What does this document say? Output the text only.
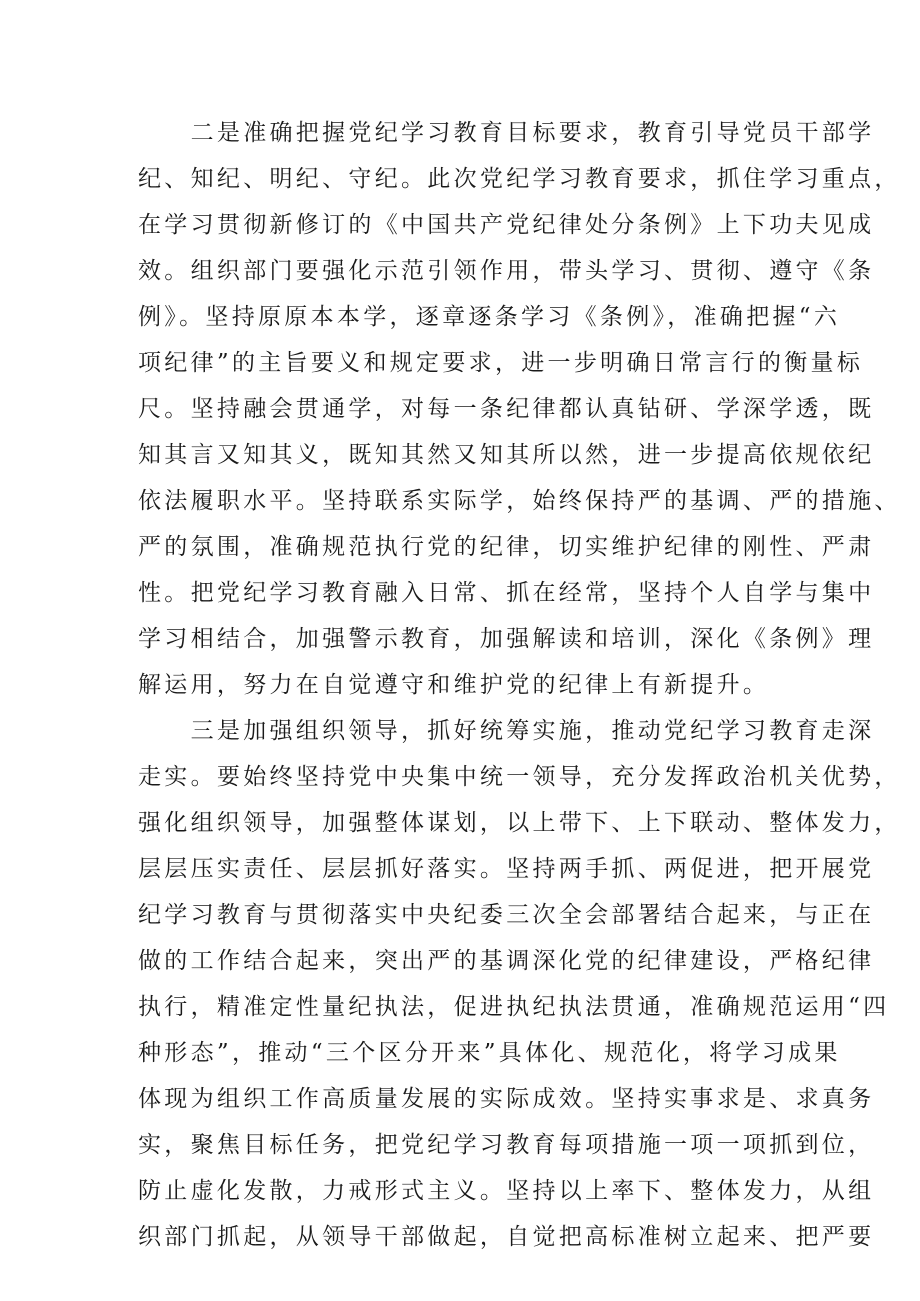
　　二是准确把握党纪学习教育目标要求，教育引导党员干部学
纪、知纪、明纪、守纪。此次党纪学习教育要求，抓住学习重点，
在学习贯彻新修订的《中国共产党纪律处分条例》上下功夫见成
效。组织部门要强化示范引领作用，带头学习、贯彻、遵守《条
例》。坚持原原本本学，逐章逐条学习《条例》，准确把握“六
项纪律”的主旨要义和规定要求，进一步明确日常言行的衡量标
尺。坚持融会贯通学，对每一条纪律都认真钻研、学深学透，既
知其言又知其义，既知其然又知其所以然，进一步提高依规依纪
依法履职水平。坚持联系实际学，始终保持严的基调、严的措施、
严的氛围，准确规范执行党的纪律，切实维护纪律的刚性、严肃
性。把党纪学习教育融入日常、抓在经常，坚持个人自学与集中
学习相结合，加强警示教育，加强解读和培训，深化《条例》理
解运用，努力在自觉遵守和维护党的纪律上有新提升。
　　三是加强组织领导，抓好统筹实施，推动党纪学习教育走深
走实。要始终坚持党中央集中统一领导，充分发挥政治机关优势，
强化组织领导，加强整体谋划，以上带下、上下联动、整体发力，
层层压实责任、层层抓好落实。坚持两手抓、两促进，把开展党
纪学习教育与贯彻落实中央纪委三次全会部署结合起来，与正在
做的工作结合起来，突出严的基调深化党的纪律建设，严格纪律
执行，精准定性量纪执法，促进执纪执法贯通，准确规范运用“四
种形态”，推动“三个区分开来”具体化、规范化，将学习成果
体现为组织工作高质量发展的实际成效。坚持实事求是、求真务
实，聚焦目标任务，把党纪学习教育每项措施一项一项抓到位，
防止虚化发散，力戒形式主义。坚持以上率下、整体发力，从组
织部门抓起，从领导干部做起，自觉把高标准树立起来、把严要
